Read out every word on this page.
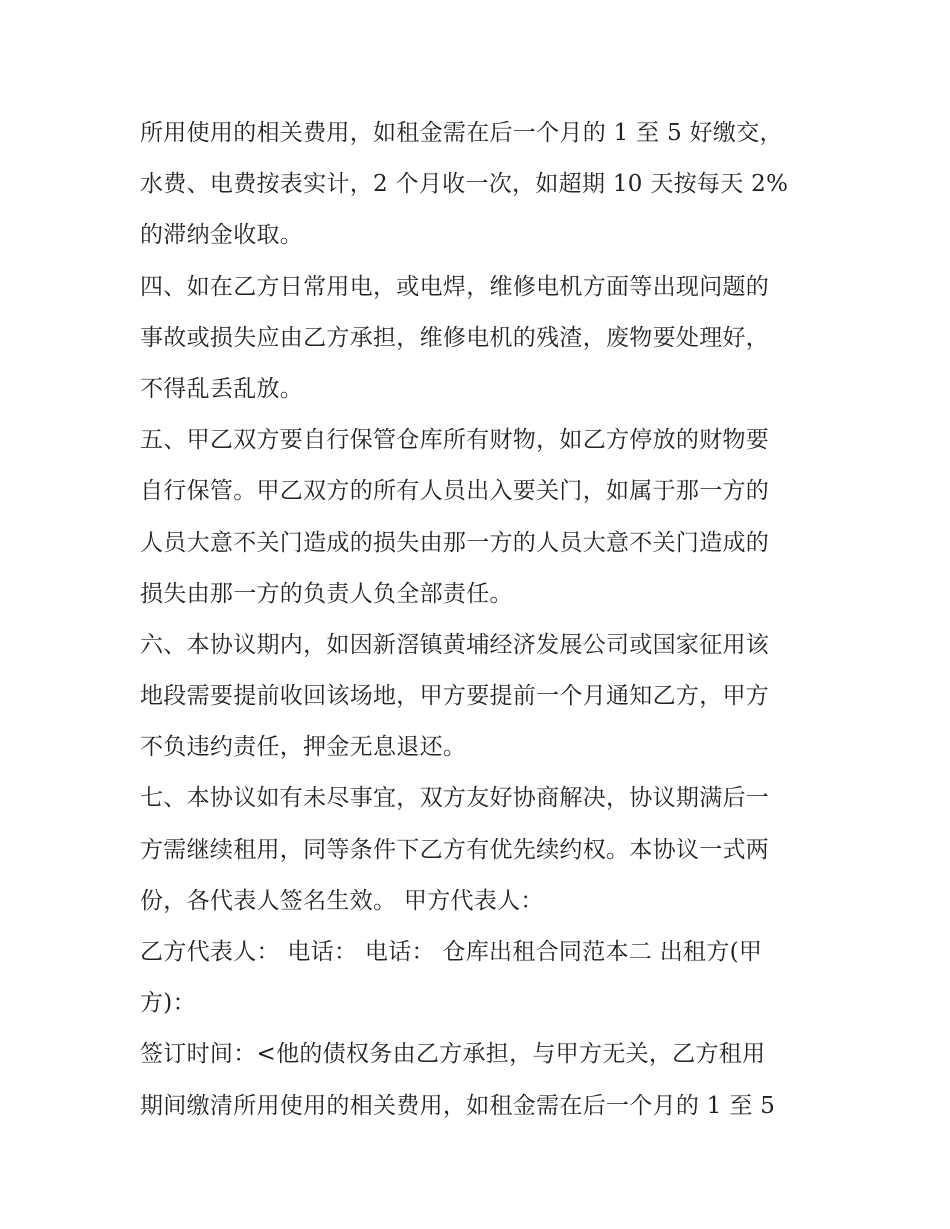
所用使用的相关费用，如租金需在后一个月的 1 至 5 好缴交，
水费、电费按表实计，2 个月收一次，如超期 10 天按每天 2%
的滞纳金收取。
四、如在乙方日常用电，或电焊，维修电机方面等出现问题的
事故或损失应由乙方承担，维修电机的残渣，废物要处理好，
不得乱丢乱放。
五、甲乙双方要自行保管仓库所有财物，如乙方停放的财物要
自行保管。甲乙双方的所有人员出入要关门，如属于那一方的
人员大意不关门造成的损失由那一方的人员大意不关门造成的
损失由那一方的负责人负全部责任。
六、本协议期内，如因新滘镇黄埔经济发展公司或国家征用该
地段需要提前收回该场地，甲方要提前一个月通知乙方，甲方
不负违约责任，押金无息退还。
七、本协议如有未尽事宜，双方友好协商解决，协议期满后一
方需继续租用，同等条件下乙方有优先续约权。本协议一式两
份，各代表人签名生效。 甲方代表人：
乙方代表人： 电话： 电话： 仓库出租合同范本二 出租方(甲
方)：
签订时间：<他的债权务由乙方承担，与甲方无关，乙方租用
期间缴清所用使用的相关费用，如租金需在后一个月的 1 至 5
